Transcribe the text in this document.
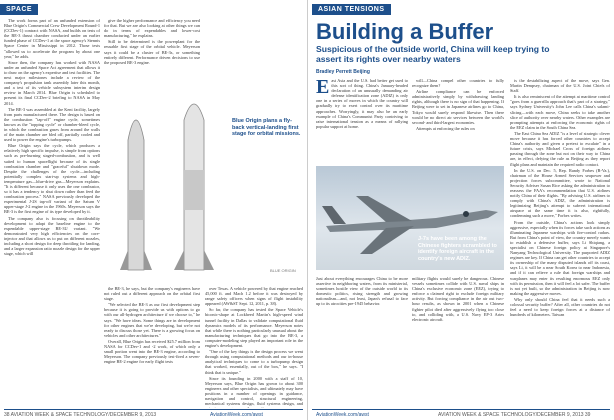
SPACE

The work forms part of an unfunded extension of Blue Origin's Commercial Crew Development Round-1 (CCDev-1) contract with NASA, and builds on tests of the BE-3 thrust chamber conducted under an earlier funded phase of CCDev-1 at the space agency's Stennis Space Center in Mississippi in 2012. Those tests "allowed us to accelerate the program by about one year," he adds.

Since then, the company has worked with NASA under an unfunded Space Act agreement that allows it to draw on the agency's expertise and test facilities. The next major milestones include a review of the company's propulsion tank assembly later this month, and a test of its vehicle subsystem interim design review in March 2014. Blue Origin is scheduled to present its final CCDev-2 briefing to NASA in May 2014.

The BE-3 was assembled at the Kent facility, largely from parts manufactured there. The design is based on the combustion "tap-off" engine cycle, sometimes known as the "topping cycle" or chamber-bleed cycle, in which the combustion gases from around the walls of the main chamber are bled off, partially cooled and used to power the engine's turbopumps.

Blue Origin says the cycle, which produces a relatively high specific impulse, is simple from options such as pre-burning staged-combustion, and is well suited to human spaceflight because of its single combustion chamber and "graceful" shutdown mode. Despite the challenges of the cycle—including potentially complex start-up systems and high-temperature gas—blue-drive gas—Meyerson explains. "It is different because it only uses the one combustor, so it has a tendency to shut down rather than feed the combustion process." NASA previously developed the experimental J-2S tap-off variant of the Saturn V upper-stage J-2 engine in the 1960s. Meyerson says the BE-3 is the first engine of its type developed by it.

The company also is focusing on throttleability development to adapt the baseline engine to the expendable upper-stage BE-3U variant. "We demonstrated very high efficiencies on the core-injector and that allows us to put on different nozzles, including a short design for deep throttling for landing, and a larger expansion ratio nozzle design for the upper stage, which will

give the higher performance and efficiency you need for that. But we are also looking at other things we can do in terms of expendables and lower-cost manufacturing," he explains.

Still to be determined is the powerplant for the reusable first stage of the orbital vehicle. Meyerson says it could be a cluster of BE-3s, or something entirely different. Performance driven decisions to use the proposed BE-3 engine.

Blue Origin plans a fly-back vertical-landing first stage for orbital missions.
BLUE ORIGIN

the BE-3, he says, but the company's engineers have not ruled out a different approach on the orbital first stage.

"We selected the BE-3 as our first development step because it is going to provide us with options to go with our all-hydrogen architecture if we choose to," he says. "We have ideas. Some things are in development for other engines that we're developing, but we're not ready to discuss those yet. There is a growing focus on vehicles and other architectures."

Overall, Blue Origin has received $25.7 million from NASA for CCDev-1 and -2 work, of which only a small portion went into the BE-3 engine, according to Meyerson. The company previously test-fired a seven-engine BE-2 engine for early flight tests

over Texas. A vehicle powered by that engine reached 45,000 ft. and Mach 1.2 before it was destroyed by range safety officers when signs of flight instability appeared (AW&ST Sept. 12, 2011, p. 38).

So far, the company has tested the Space Vehicle's biconic-shape at Lockheed Martin's high-speed wind tunnel facility in Dallas to validate computational fluid dynamics models of its performance. Meyerson notes that while there is nothing particularly unusual about the manufacturing techniques that go into the BE-3, a computer-modeling step played an important role in the engine's development.

"One of the key things is the design process we went through using computational methods and our in-house analytical techniques to come to a turbopump design that worked, essentially, out of the box," he says. "I think that is unique."

Since its founding in 2000 with a staff of 10, Meyerson says, Blue Origin has grown to about 300 engineers and other specialists, and ultimately may have positions in a number of openings in guidance, navigation and control, structural engineering, mechanical systems design, fluid systems design, and

38 AVIATION WEEK & SPACE TECHNOLOGY/DECEMBER 9, 2013	AviationWeek.com/awst
ASIAN TENSIONS
Building a Buffer

Suspicious of the outside world, China will keep trying to assert its rights over nearby waters

Bradley Perrett Beijing
East Asia and the U.S. had better get used to this sort of thing. China's January-headed declaration of an unusually demanding air defense identification zone (ADIZ) is only one in a series of moves in which the country will gradually try to exert control over its maritime approaches. Worryingly, it may also be an early example of China's Communist Party contriving to raise international tension as a means of rallying popular support at home.

will—China compel other countries to fully recognize them?

Airline compliance can be enforced administratively simply by withdrawing landing rights, although there is no sign of that happening. If Beijing were to set in Japanese airlines go to China, Tokyo would surely respond likewise. Then there would be no direct air services between the world's second- and third-largest economies.

Attempts at enforcing the rules on

J-7s have been among the Chinese fighters scrambled to identify foreign aircraft in the country's new ADIZ.

is the destabilizing aspect of the move, says Gen. Martin Dempsey, chairman of the U.S. Joint Chiefs of Staff.

It is also reminiscent of the attempt at maritime control "goes from a guerrilla approach that's part of a strategy," says Sydney University's John Lee calls China's salami-slicing—with each move, China seeks to take another slice of authority over nearby waters. Other examples are prompting attempts at enforcing the economic rights of the EEZ claim in the South China Sea.

The East China Sea ADIZ "is a level of strategic clever move because it has forced other countries to accept China's authority and given a pretext to escalate" in a future crisis, says Michael Cross of foreign airlines passing through the zone but not on their way to China are, in effect, defying the rule as Beijing as they report flight plans and maintain the required radio contact.

In the U.S. on Dec. 5, Rep. Randy Forbes (R-Va.), chairman of the House Armed Services seapower and projection forces subcommittee, wrote to National Security Adviser Susan Rice asking the administration to reassess the FAA's recommendation that U.S. airlines notify China of their flights. "By advising U.S. airlines to comply with China's ADIZ, the administration is legitimizing Beijing's attempt to subvert international airspace at the same time it is also, rightfully, condemning such a move," Forbes writes.

From the outside, China's actions look simply aggressive, especially when its forces take such actions as illuminating Japanese warships with fire-control radars. But from China's point of view, the country merely wants to establish a defensive buffer, says Li Shiqiang, a specialist on Chinese foreign policy at Singapore's Nanyang Technological University. The purported ADIZ regimes are key. If China can get other countries to accept its ownership of the many disputed islands off its coast, says Li, it will be a near South Korea to near Indonesia, and if it can relieve a rule that foreign warships and warplanes may enter its resulting enormous EEZ only with its permission, then it will feel a lot safer. The buffer is not yet built, so the administration in Beijing is now making the aggressive moves.

Why only should China feel that it needs such a colossal security buffer? After all, other countries do not feel a need to keep foreign forces at a distance of hundreds of kilometers. Taiwan

Just about everything encourages China to be more assertive in neighboring waters, from its ministerial, sometimes hostile view of the outside world to its domestic politics, rising strength and growing nationalism—and, not least, Japan's refusal to face up to its atrocities pre-1945 behavior.
military flights would surely be dangerous. Chinese vessels sometimes collide with U.S. naval ships in China's exclusive economic zone (EEZ), trying to enforce a claimed right to exclude foreign military activity. But forcing compliance in the air out two-hour results, as shown in 2001 when a Chinese fighter pilot died after aggressively flying too close to, and colliding with, a U.S. Navy EP-3 Aries electronic aircraft.
AviationWeek.com/awst	AVIATION WEEK & SPACE TECHNOLOGY/DECEMBER 9, 2013 39
